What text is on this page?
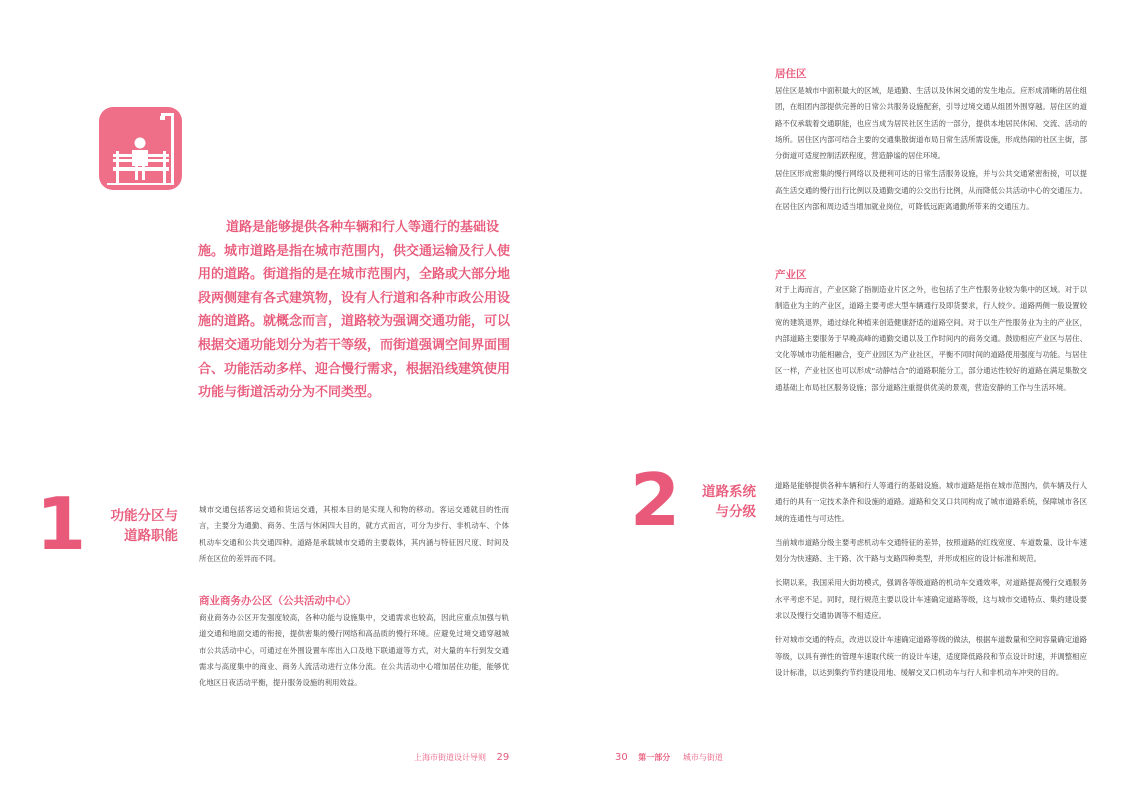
道路是能够提供各种车辆和行人等通行的基础设施。城市道路是指在城市范围内，供交通运输及行人使用的道路。街道指的是在城市范围内，全路或大部分地段两侧建有各式建筑物，设有人行道和各种市政公用设施的道路。就概念而言，道路较为强调交通功能，可以根据交通功能划分为若干等级，而街道强调空间界面围合、功能活动多样、迎合慢行需求，根据沿线建筑使用功能与街道活动分为不同类型。
1	功能分区与
道路职能
城市交通包括客运交通和货运交通，其根本目的是实现人和物的移动。客运交通就目的性而言，主要分为通勤、商务、生活与休闲四大目的，就方式而言，可分为步行、非机动车、个体机动车交通和公共交通四种。道路是承载城市交通的主要载体，其内涵与特征因尺度、时间及所在区位的差异而不同。
商业商务办公区（公共活动中心）
商业商务办公区开发强度较高，各种功能与设施集中，交通需求也较高，因此应重点加强与轨道交通和地面交通的衔接，提供密集的慢行网络和高品质的慢行环境。应避免过境交通穿越城市公共活动中心，可通过在外围设置车库出入口及地下联通道等方式，对大量的车行到发交通需求与高度集中的商业、商务人流活动进行立体分流。在公共活动中心增加居住功能，能够优化地区日夜活动平衡，提升服务设施的利用效益。
上海市街道设计导则 29
居住区

居住区是城市中面积最大的区域，是通勤、生活以及休闲交通的发生地点。应形成清晰的居住组团，在组团内部提供完善的日常公共服务设施配套，引导过境交通从组团外围穿越。居住区的道路不仅承载着交通职能，也应当成为居民社区生活的一部分，提供本地居民休闲、交流、活动的场所。居住区内部可结合主要的交通集散街道布局日常生活所需设施，形成热闹的社区主街，部分街道可适度控制活跃程度，营造静谧的居住环境。

居住区形成密集的慢行网络以及便利可达的日常生活服务设施，并与公共交通紧密衔接，可以提高生活交通的慢行出行比例以及通勤交通的公交出行比例，从而降低公共活动中心的交通压力。在居住区内部和周边适当增加就业岗位，可降低远距离通勤所带来的交通压力。

产业区
对于上海而言，产业区除了指制造业片区之外，也包括了生产性服务业较为集中的区域。对于以制造业为主的产业区，道路主要考虑大型车辆通行及即货要求，行人较少。道路两侧一般设置较宽的建筑退界，通过绿化种植来创造健康舒适的道路空间。对于以生产性服务业为主的产业区，内部道路主要服务于早晚高峰的通勤交通以及工作时间内的商务交通。鼓励相应产业区与居住、文化等城市功能相融合，变产业园区为产业社区，平衡不同时间的道路使用强度与功能。与居住区一样，产业社区也可以形成“动静结合”的道路职能分工，部分通达性较好的道路在满足集散交通基础上布局社区服务设施；部分道路注重提供优美的景观，营造安静的工作与生活环境。
2	道路系统
与分级

道路是能够提供各种车辆和行人等通行的基础设施。城市道路是指在城市范围内，供车辆及行人通行的具有一定技术条件和设施的道路。道路和交叉口共同构成了城市道路系统，保障城市各区域的连通性与可达性。

当前城市道路分级主要考虑机动车交通特征的差异，按照道路的红线宽度、车道数量、设计车速划分为快速路、主干路、次干路与支路四种类型，并形成相应的设计标准和规范。

长期以来，我国采用大街坊模式，强调各等级道路的机动车交通效率，对道路提高慢行交通服务水平考虑不足。同时，现行规范主要以设计车速确定道路等级，这与城市交通特点、集约建设要求以及慢行交通协调等不相适应。

针对城市交通的特点，改进以设计车速确定道路等级的做法，根据车道数量和空间容量确定道路等级，以具有弹性的管理车速取代统一的设计车速，适度降低路段和节点设计时速，并调整相应设计标准，以达到集约节约建设用地、缓解交叉口机动车与行人和非机动车冲突的目的。

30 第一部分 城市与街道
